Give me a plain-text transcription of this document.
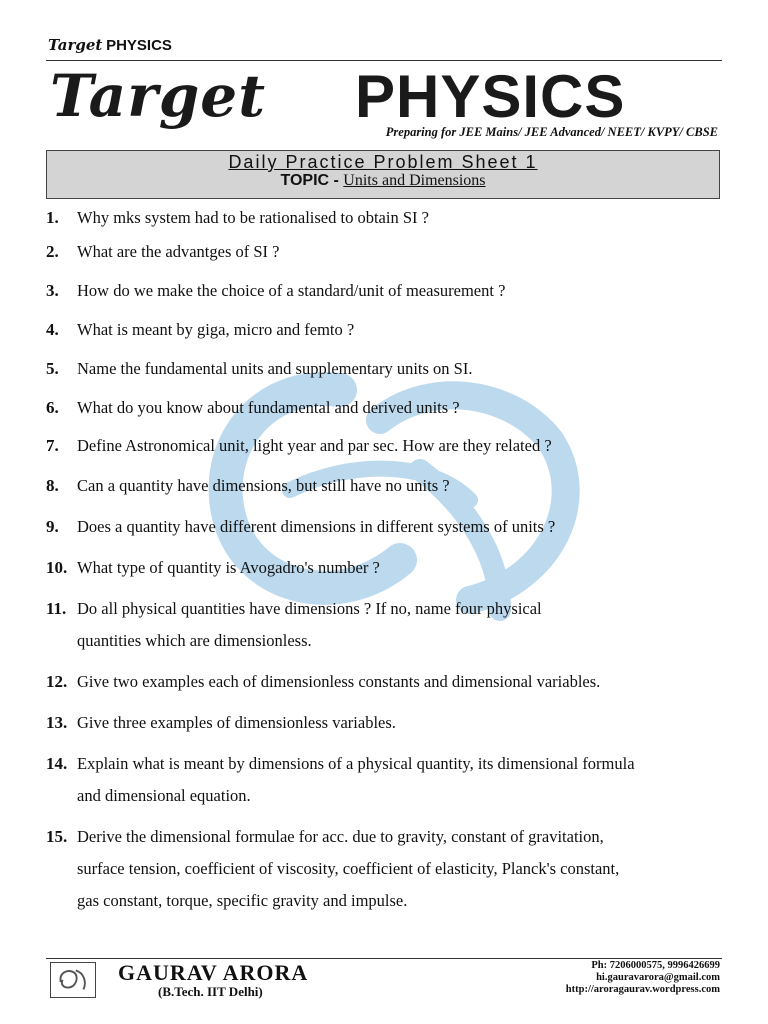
Target PHYSICS
Target PHYSICS
Preparing for JEE Mains/ JEE Advanced/ NEET/ KVPY/ CBSE
Daily Practice Problem Sheet 1
TOPIC - Units and Dimensions
1. Why mks system had to be rationalised to obtain SI ?
2. What are the advantges of SI ?
3. How do we make the choice of a standard/unit of measurement ?
4. What is meant by giga, micro and femto ?
5. Name the fundamental units and supplementary units on SI.
6. What do you know about fundamental and derived units ?
7. Define Astronomical unit, light year and par sec. How are they related ?
8. Can a quantity have dimensions, but still have no units ?
9. Does a quantity have different dimensions in different systems of units ?
10. What type of quantity is Avogadro's number ?
11. Do all physical quantities have dimensions ? If no, name four physical
quantities which are dimensionless.
12. Give two examples each of dimensionless constants and dimensional variables.
13. Give three examples of dimensionless variables.
14. Explain what is meant by dimensions of a physical quantity, its dimensional formula
and dimensional equation.
15. Derive the dimensional formulae for acc. due to gravity, constant of gravitation,
surface tension, coefficient of viscosity, coefficient of elasticity, Planck's constant,
gas constant, torque, specific gravity and impulse.
GAURAV ARORA
(B.Tech. IIT Delhi)
Ph: 7206000575, 9996426699
hi.gauravarora@gmail.com
http://aroragaurav.wordpress.com
